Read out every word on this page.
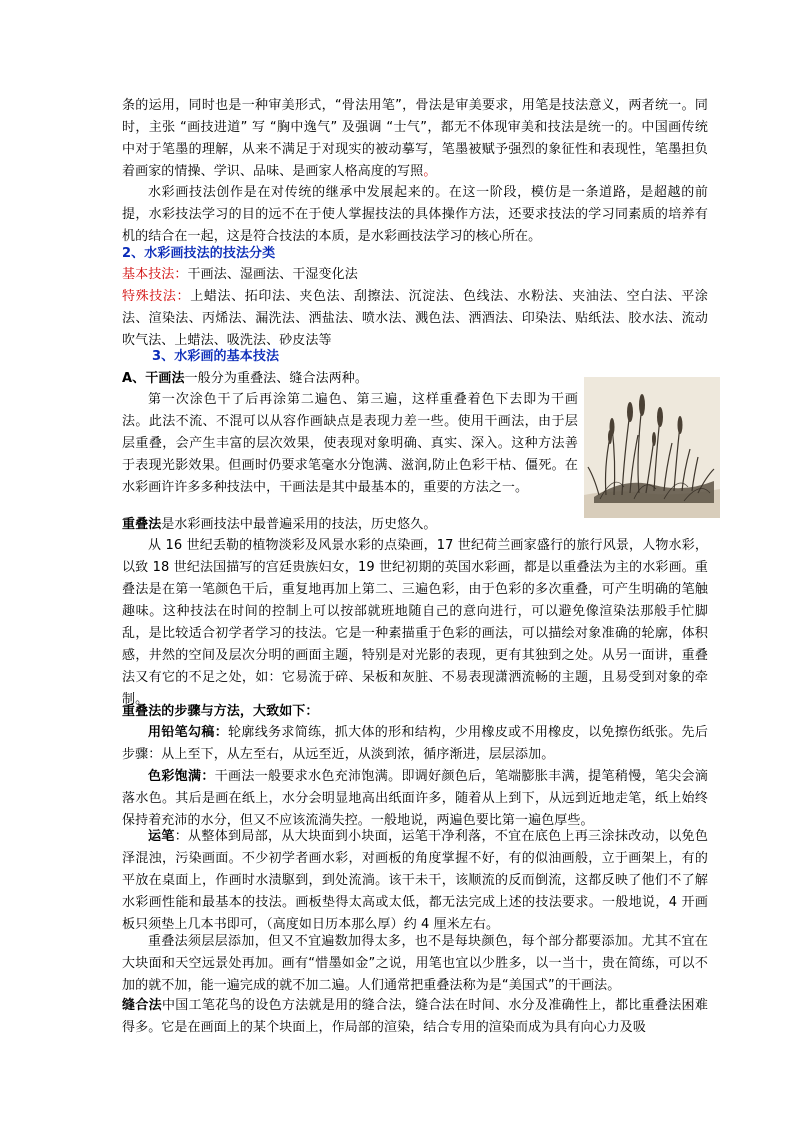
条的运用，同时也是一种审美形式，“骨法用笔”，骨法是审美要求，用笔是技法意义，两者统一。同时，主张 “画技进道” 写 “胸中逸气” 及强调 “士气”，都无不体现审美和技法是统一的。中国画传统中对于笔墨的理解，从来不满足于对现实的被动摹写，笔墨被赋予强烈的象征性和表现性，笔墨担负着画家的情操、学识、品味、是画家人格高度的写照。
水彩画技法创作是在对传统的继承中发展起来的。在这一阶段，模仿是一条道路，是超越的前提，水彩技法学习的目的远不在于使人掌握技法的具体操作方法，还要求技法的学习同素质的培养有机的结合在一起，这是符合技法的本质，是水彩画技法学习的核心所在。
2、水彩画技法的技法分类
基本技法：干画法、湿画法、干湿变化法
特殊技法：上蜡法、拓印法、夹色法、刮擦法、沉淀法、色线法、水粉法、夹油法、空白法、平涂法、渲染法、丙烯法、漏洗法、洒盐法、喷水法、溅色法、洒酒法、印染法、贴纸法、胶水法、流动吹气法、上蜡法、吸洗法、砂皮法等
3、水彩画的基本技法
A、干画法一般分为重叠法、缝合法两种。
第一次涂色干了后再涂第二遍色、第三遍，这样重叠着色下去即为干画法。此法不流、不混可以从容作画缺点是表现力差一些。使用干画法，由于层层重叠，会产生丰富的层次效果，使表现对象明确、真实、深入。这种方法善 于表现光影效果。但画时仍要求笔毫水分饱满、滋润,防止色彩干枯、僵死。在水彩画许许多多种技法中，干画法是其中最基本的，重要的方法之一。
重叠法是水彩画技法中最普遍采用的技法，历史悠久。
从 16 世纪丢勒的植物淡彩及风景水彩的点染画，17 世纪荷兰画家盛行的旅行风景，人物水彩，以致 18 世纪法国描写的宫廷贵族妇女，19 世纪初期的英国水彩画，都是以重叠法为主的水彩画。重叠法是在第一笔颜色干后，重复地再加上第二、三遍色彩，由于色彩的多次重叠，可产生明确的笔触趣味。这种技法在时间的控制上可以按部就班地随自己的意向进行，可以避免像渲染法那般手忙脚乱，是比较适合初学者学习的技法。它是一种素描重于色彩的画法，可以描绘对象准确的轮廓，体积感，井然的空间及层次分明的画面主题，特别是对光影的表现，更有其独到之处。从另一面讲，重叠法又有它的不足之处，如：它易流于碎、呆板和灰脏、不易表现潇洒流畅的主题，且易受到对象的牵制。
重叠法的步骤与方法，大致如下：
用铅笔勾稿：轮廓线务求简练，抓大体的形和结构，少用橡皮或不用橡皮，以免擦伤纸张。先后步骤：从上至下，从左至右，从远至近，从淡到浓，循序渐进，层层添加。
色彩饱满：干画法一般要求水色充沛饱满。即调好颜色后，笔端膨胀丰满，提笔稍慢，笔尖会滴落水色。其后是画在纸上，水分会明显地高出纸面许多，随着从上到下，从远到近地走笔，纸上始终保持着充沛的水分，但又不应该流淌失控。一般地说，两遍色要比第一遍色厚些。
运笔：从整体到局部，从大块面到小块面，运笔干净利落，不宜在底色上再三涂抹改动，以免色泽混浊，污染画面。不少初学者画水彩，对画板的角度掌握不好，有的似油画般，立于画架上，有的平放在桌面上，作画时水渍駆到，到处流淌。该干未干，该顺流的反而倒流，这都反映了他们不了解水彩画性能和最基本的技法。画板垫得太高或太低，都无法完成上述的技法要求。一般地说，4 开画板只须垫上几本书即可，（高度如日历本那么厚）约 4 厘米左右。
重叠法须层层添加，但又不宜遍数加得太多，也不是每块颜色，每个部分都要添加。尤其不宜在大块面和天空远景处再加。画有“惜墨如金”之说，用笔也宜以少胜多，以一当十，贵在简练，可以不加的就不加，能一遍完成的就不加二遍。人们通常把重叠法称为是“美国式”的干画法。
缝合法中国工笔花鸟的设色方法就是用的缝合法，缝合法在时间、水分及准确性上，都比重叠法困难得多。它是在画面上的某个块面上，作局部的渲染，结合专用的渲染而成为具有向心力及吸
